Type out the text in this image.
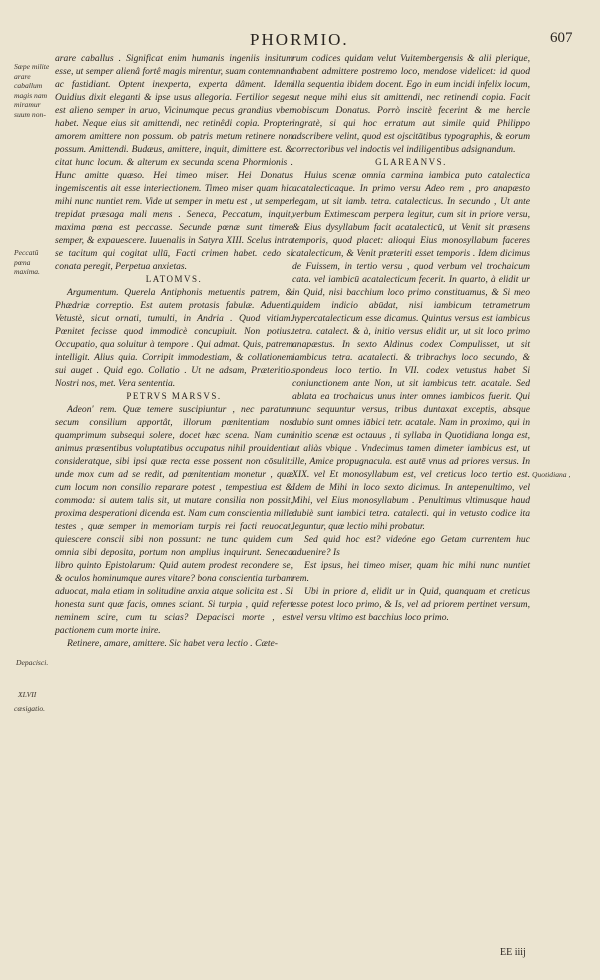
PHORMIO.	607
Sæpe milite arare caballum magis nam miramur suum non-
Peccatū pœna maxima.
Depacisci.
XLVII
cæsigatio.
Quotidiana ,

arare caballus . Significat enim humanis ingeniis insitum esse, ut semper alienâ fortê magis mirentur, suam contemnant ac fastidiant. Optent inexperta, experta dâment. Idem Ouidius dixit eleganti & ipse usus allegoria. Fertilior seges est alieno semper in aruo, Vicinumque pecus grandius vber habet. Neque eius sit amittendi, nec retinêdi copia. Propter amorem amittere non possum. ob patris metum retinere non possum. Amittendi. Budæus, amittere, inquit, dimittere est. & citat hunc locum. & alterum ex secunda scena Phormionis . Hunc amitte quæso. Hei timeo miser. Hei Donatus ingemiscentis ait esse interiectionem. Timeo miser quam hic mihi nunc nuntiet rem. Vide ut semper in metu est , ut semper trepidat præsaga mali mens . Seneca, Peccatum, inquit, maxima pœna est peccasse. Secunde pœnæ sunt timere semper, & expauescere. Iuuenalis in Satyra XIII. Scelus intra se tacitum qui cogitat ullū, Facti crimen habet. cedo si conata peregit, Perpetua anxietas.

LATOMVS.

Argumentum. Querela Antiphonis metuentis patrem, & Phædriæ correptio. Est autem protasis fabulæ. Aduenti. Vetustè, sicut ornati, tumulti, in Andria . Quod vitiam. Pœnitet fecisse quod immodicè concupiuit. Non potius. Occupatio, qua soluitur à tempore . Qui admat. Quis, patrem intelligit. Alius quia. Corripit immodestiam, & collationem sui auget . Quid ego. Collatio . Ut ne adsam, Præteritio. Nostri nos, met. Vera sententia.

PETRVS MARSVS.

Adeon' rem. Quæ temere suscipiuntur , nec paratum secum consilium apportât, illorum pœnitentiam nos quamprimum subsequi solere, docet hæc scena. Nam cum animus præsentibus voluptatibus occupatus nihil prouidentia consideratque, sibi ipsi quæ recta esse possent non cōsulit: unde mox cum ad se redit, ad pœnitentiam monetur , quæ cum locum non consilio reparare potest , tempestiua est & commoda: si autem talis sit, ut mutare consilia non possit, proxima desperationi dicenda est. Nam cum conscientia mille testes , quæ semper in memoriam turpis rei facti reuocat, quiescere conscii sibi non possunt: ne tunc quidem cum omnia sibi deposita, portum non amplius inquirunt. Seneca libro quinto Epistolarum: Quid autem prodest recondere se, & oculos hominumque aures vitare? bona conscientia turbam aduocat, mala etiam in solitudine anxia atque solicita est . Si honesta sunt quæ facis, omnes sciant. Si turpia , quid refert neminem scire, cum tu scias? Depacisci morte , est pactionem cum morte inire.

Retinere, amare, amittere. Sic habet vera lectio . Cæte-

rum codices quidam velut Vuitembergensis & alii plerique, habent admittere postremo loco, mendose videlicet: id quod illa sequentia ibidem docent. Ego in eum incidi infelix locum, ut neque mihi eius sit amittendi, nec retinendi copia. Facit nobiscum Donatus. Porrò inscitè fecerint & me hercle ingratè, si qui hoc erratum aut simile quid Philippo adscribere velint, quod est ojscitātibus typographis, & eorum correctoribus vel indoctis vel indiligentibus adsignandum.

GLAREANVS.

Huius scenæ omnia carmina iambica puto catalectica acatalecticaque. In primo versu Adeo rem , pro anapæsto legam, ut sit iamb. tetra. catalecticus. In secundo , Ut ante verbum Extimescam perpera legitur, cum sit in priore versu, & Eius dysyllabum facit acatalecticū, ut Venit sit præsens temporis, quod placet: alioqui Eius monosyllabum faceres catalecticum, & Venit præteriti esset temporis . Idem dicimus de Fuissem, in tertio versu , quod verbum vel trochaicum cata. vel iambicū acatalecticum fecerit. In quarto, à elidit ur in Quid, nisi bacchium loco primo constituamus, & Si meo quidem indicio abūdat, nisi iambicum tetrametrum hypercatalecticum esse dicamus. Quintus versus est iambicus tetra. catalect. & à, initio versus elidit ur, ut sit loco primo anapæstus. In sexto Aldinus codex Compulisset, ut sit iambicus tetra. acatalecti. & tribrachys loco secundo, & spondeus loco tertio. In VII. codex vetustus habet Si coniunctionem ante Non, ut sit iambicus tetr. acatale. Sed ablata ea trochaicus unus inter omnes iambicos fuerit. Qui nunc sequuntur versus, tribus duntaxat exceptis, absque dubio sunt omnes iābici tetr. acatale. Nam in proximo, qui in initio scenæ est octauus , ti syllaba in Quotidiana longa est, ut aliàs vbique . Vndecimus tamen dimeter iambicus est, ut ille, Amice propugnacula. est autē vnus ad priores versus. In XIX. vel Et monosyllabum est, vel creticus loco tertio est. Idem de Mihi in loco sexto dicimus. In antepenultimo, vel Mihi, vel Eius monosyllabum . Penultimus vltimusque haud dubiè sunt iambici tetra. catalecti. qui in vetusto codice ita leguntur, quæ lectio mihi probatur.

Sed quid hoc est? videóne ego Getam currentem huc aduenire? Is

Est ipsus, hei timeo miser, quam hic mihi nunc nuntiet rem.

Ubi in priore d, elidit ur in Quid, quanquam et creticus esse potest loco primo, & Is, vel ad priorem pertinet versum, vel versu vltimo est bacchius loco primo.

EE iiij
